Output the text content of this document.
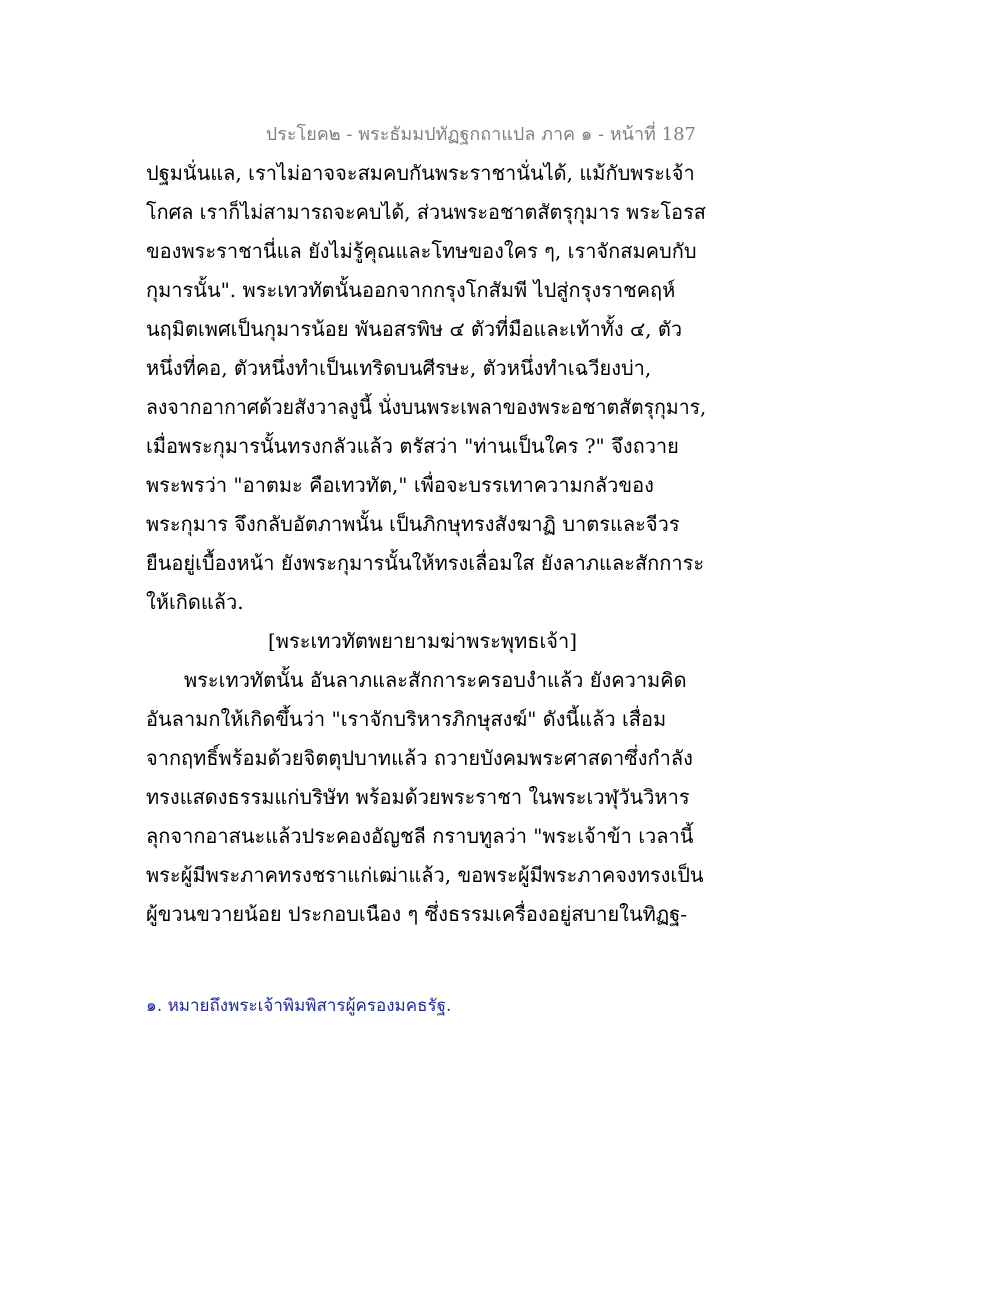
ประโยค๒ - พระธัมมปทัฏฐกถาแปล ภาค ๑ - หน้าที่ 187
ปฐมนั่นแล, เราไม่อาจจะสมคบกันพระราชานั่นได้, แม้กับพระเจ้า
โกศล เราก็ไม่สามารถจะคบได้, ส่วนพระอชาตสัตรุกุมาร พระโอรส
ของพระราชานี่แล ยังไม่รู้คุณและโทษของใคร ๆ, เราจักสมคบกับ
กุมารนั้น". พระเทวทัตนั้นออกจากกรุงโกสัมพี ไปสู่กรุงราชคฤห์
นฤมิตเพศเป็นกุมารน้อย พันอสรพิษ ๔ ตัวที่มือและเท้าทั้ง ๔, ตัว
หนึ่งที่คอ, ตัวหนึ่งทำเป็นเทริดบนศีรษะ, ตัวหนึ่งทำเฉวียงบ่า,
ลงจากอากาศด้วยสังวาลงูนี้ นั่งบนพระเพลาของพระอชาตสัตรุกุมาร,
เมื่อพระกุมารนั้นทรงกลัวแล้ว ตรัสว่า "ท่านเป็นใคร ?" จึงถวาย
พระพรว่า "อาตมะ คือเทวทัต," เพื่อจะบรรเทาความกลัวของ
พระกุมาร จึงกลับอัตภาพนั้น เป็นภิกษุทรงสังฆาฏิ บาตรและจีวร
ยืนอยู่เบื้องหน้า ยังพระกุมารนั้นให้ทรงเลื่อมใส ยังลาภและสักการะ
ให้เกิดแล้ว.
[พระเทวทัตพยายามฆ่าพระพุทธเจ้า]
พระเทวทัตนั้น อันลาภและสักการะครอบงำแล้ว ยังความคิด
อันลามกให้เกิดขึ้นว่า "เราจักบริหารภิกษุสงฆ์" ดังนี้แล้ว เสื่อม
จากฤทธิ์พร้อมด้วยจิตตุปบาทแล้ว ถวายบังคมพระศาสดาซึ่งกำลัง
ทรงแสดงธรรมแก่บริษัท พร้อมด้วยพระราชา ในพระเวฬุวันวิหาร
ลุกจากอาสนะแล้วประคองอัญชลี กราบทูลว่า "พระเจ้าข้า เวลานี้
พระผู้มีพระภาคทรงชราแก่เฒ่าแล้ว, ขอพระผู้มีพระภาคจงทรงเป็น
ผู้ขวนขวายน้อย ประกอบเนือง ๆ ซึ่งธรรมเครื่องอยู่สบายในทิฏฐ-
๑. หมายถึงพระเจ้าพิมพิสารผู้ครองมคธรัฐ.
